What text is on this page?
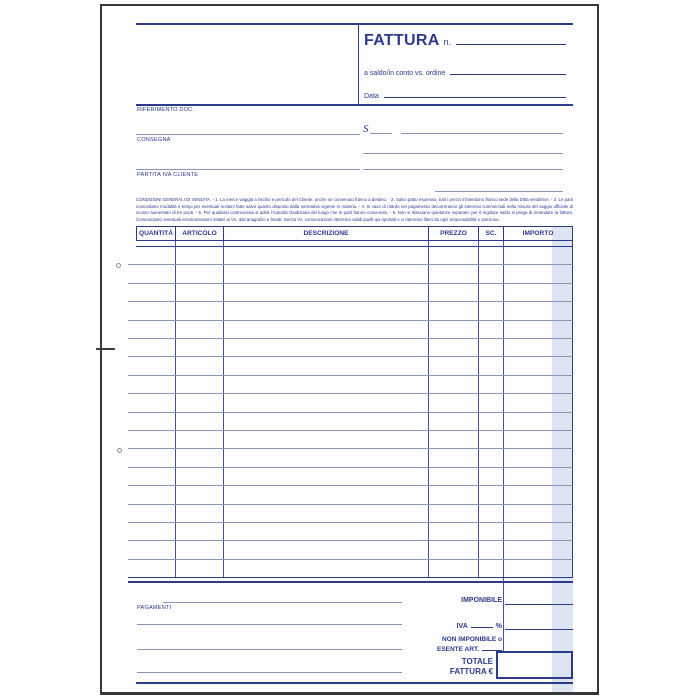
FATTURA n.
a saldo/in conto vs. ordine
Data
RIFERIMENTO DOC.
CONSEGNA
PARTITA IVA CLIENTE
S
CONDIZIONI GENERALI DI VENDITA. - 1. La merce viaggia a rischio e pericolo del Cliente, anche se convenuto franco a destino. - 2. Salvo patto espresso, tutti i prezzi s'intendono franco sede della Ditta venditrice. - 3. Le parti concordano modalità e tempi per eventuali reclami fatto salvo quanto disposto dalla normativa vigente in materia. - 4. In caso di ritardo nel pagamento decorreranno gli interessi commerciali nella misura del saggio ufficiale di sconto aumentato di tre punti. - 5. Per qualsiasi controversia si adirà l'Autorità Giudiziaria del luogo che le parti hanno convenuto. - 6. Non si rilasciano quietanze separate: per il regolare saldo si prega di rimandare la fattura. Comunicateci eventuali errori/omissioni relativi ai Vs. dati anagrafici e fiscali. Senza Vs. comunicazioni riterremo validi quelli qui riportati e ci riterremo liberi da ogni responsabilità e sanzione.
QUANTITÀ	ARTICOLO	DESCRIZIONE	PREZZO	SC.	IMPORTO
PAGAMENTI
IMPONIBILE
IVA	%
NON IMPONIBILE o
ESENTE ART.
TOTALE
FATTURA €
